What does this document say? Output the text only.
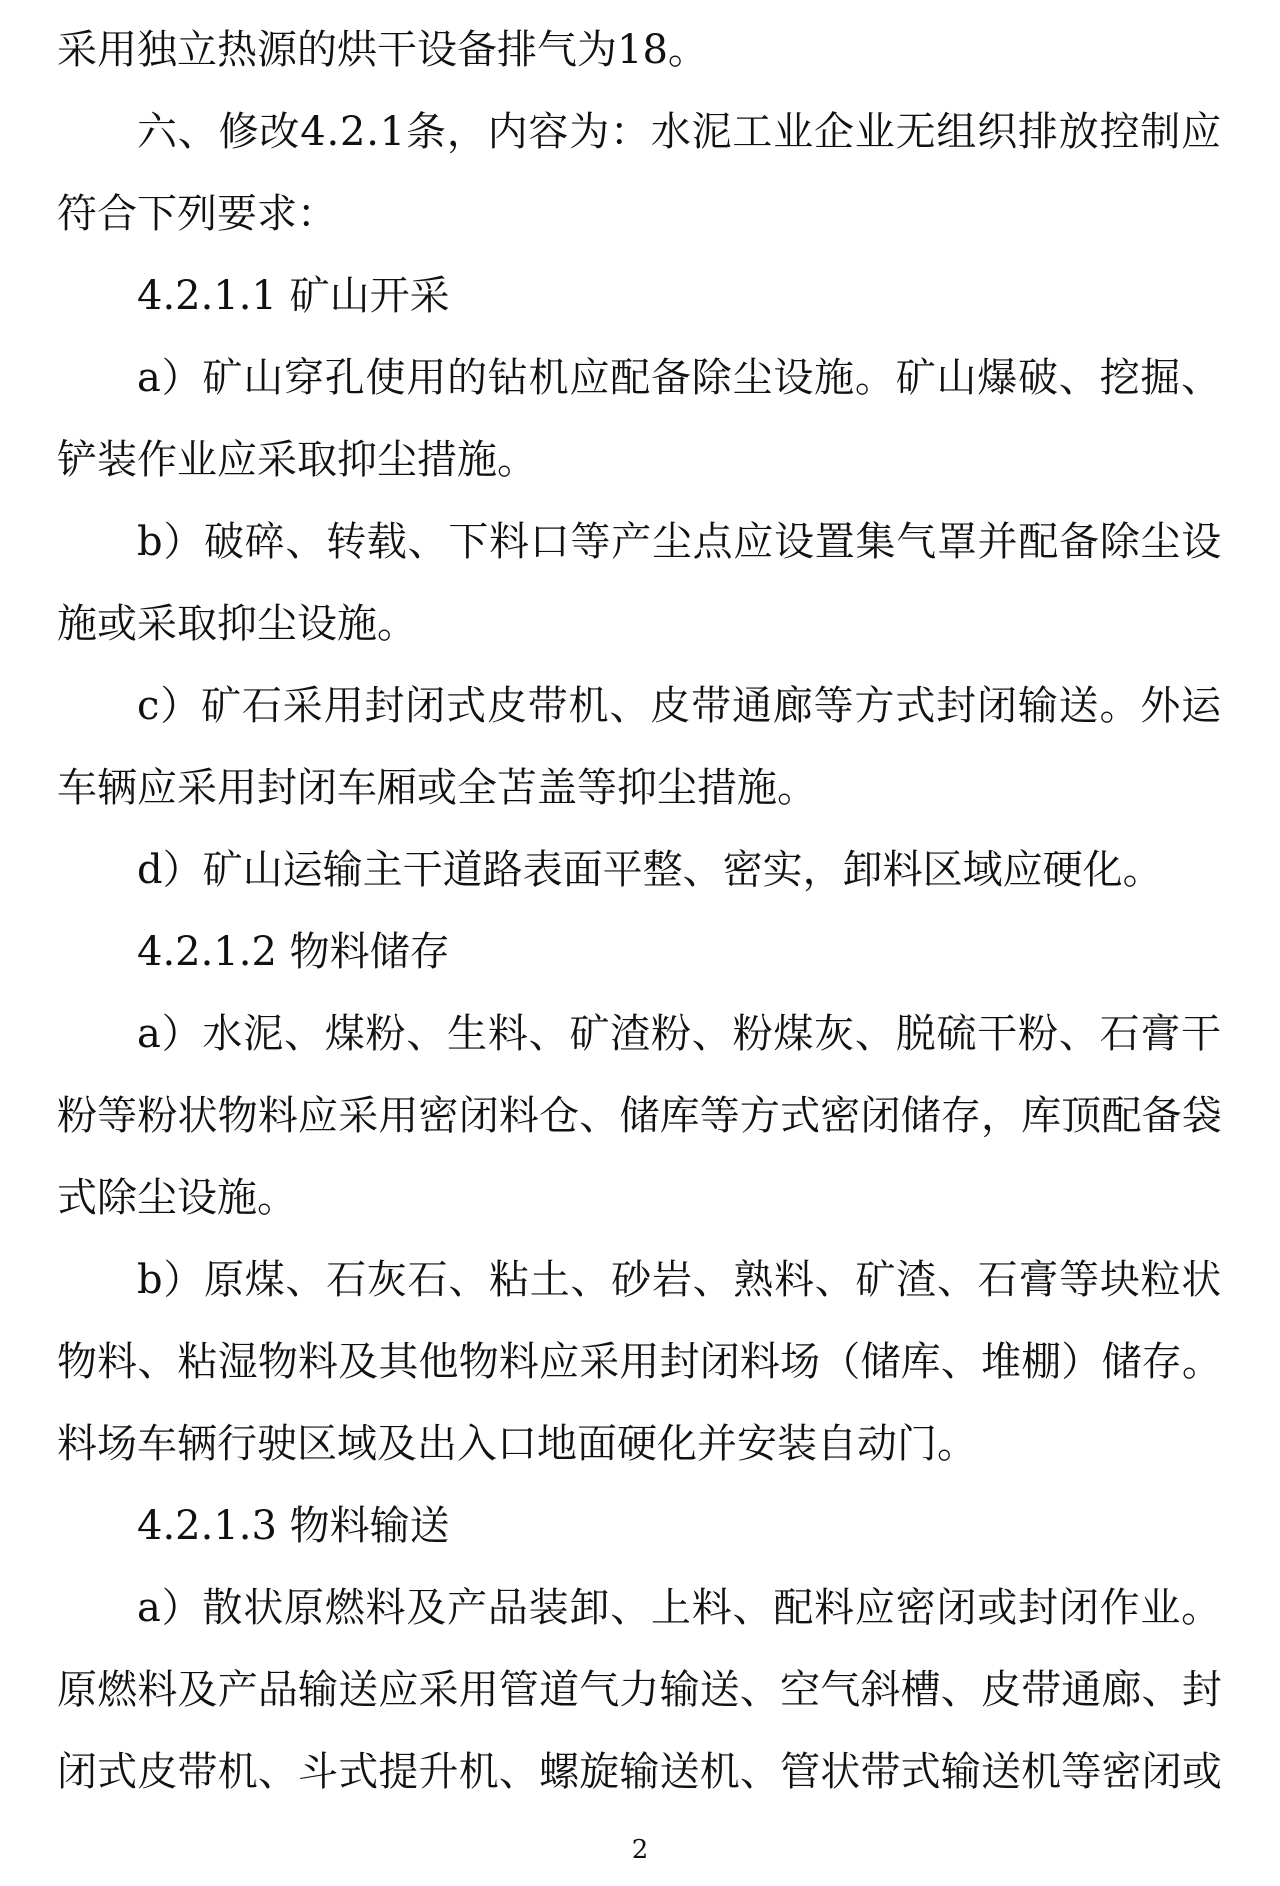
采用独立热源的烘干设备排气为18。
六、修改4.2.1条，内容为：水泥工业企业无组织排放控制应
符合下列要求：
4.2.1.1 矿山开采
a）矿山穿孔使用的钻机应配备除尘设施。矿山爆破、挖掘、
铲装作业应采取抑尘措施。
b）破碎、转载、下料口等产尘点应设置集气罩并配备除尘设
施或采取抑尘设施。
c）矿石采用封闭式皮带机、皮带通廊等方式封闭输送。外运
车辆应采用封闭车厢或全苫盖等抑尘措施。
d）矿山运输主干道路表面平整、密实，卸料区域应硬化。
4.2.1.2 物料储存
a）水泥、煤粉、生料、矿渣粉、粉煤灰、脱硫干粉、石膏干
粉等粉状物料应采用密闭料仓、储库等方式密闭储存，库顶配备袋
式除尘设施。
b）原煤、石灰石、粘土、砂岩、熟料、矿渣、石膏等块粒状
物料、粘湿物料及其他物料应采用封闭料场（储库、堆棚）储存。
料场车辆行驶区域及出入口地面硬化并安装自动门。
4.2.1.3 物料输送
a）散状原燃料及产品装卸、上料、配料应密闭或封闭作业。
原燃料及产品输送应采用管道气力输送、空气斜槽、皮带通廊、封
闭式皮带机、斗式提升机、螺旋输送机、管状带式输送机等密闭或
2
